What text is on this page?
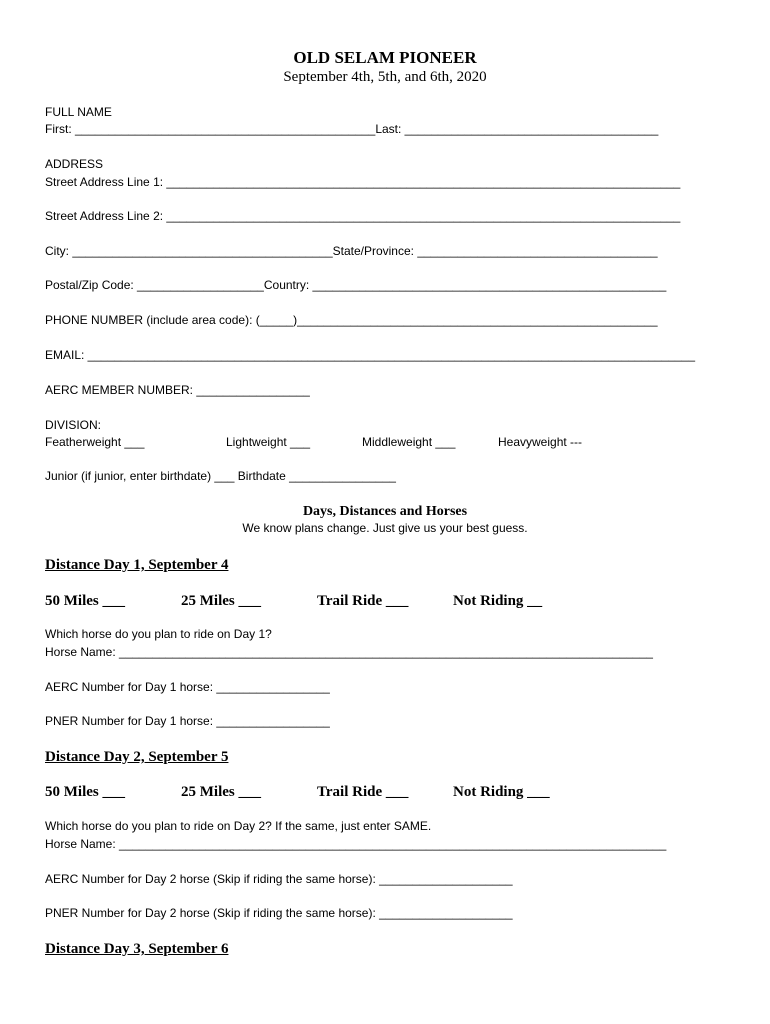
OLD SELAM PIONEER
September 4th, 5th, and 6th, 2020
FULL NAME
First: _____________________________________________Last: ______________________________________
ADDRESS
Street Address Line 1: _____________________________________________________________________________
Street Address Line 2: _____________________________________________________________________________
City: _______________________________________State/Province: ____________________________________
Postal/Zip Code: ___________________Country: _____________________________________________________
PHONE NUMBER (include area code): (_____)______________________________________________________
EMAIL: ___________________________________________________________________________________________
AERC MEMBER NUMBER: _________________
DIVISION:
Featherweight ___	Lightweight ___	Middleweight ___	Heavyweight ---
Junior (if junior, enter birthdate) ___ Birthdate ________________
Days, Distances and Horses
We know plans change. Just give us your best guess.
Distance Day 1, September 4
50 Miles ___	25 Miles ___	Trail Ride ___	Not Riding __
Which horse do you plan to ride on Day 1?
Horse Name: ________________________________________________________________________________
AERC Number for Day 1 horse: _________________
PNER Number for Day 1 horse: _________________
Distance Day 2, September 5
50 Miles ___	25 Miles ___	Trail Ride ___	Not Riding ___
Which horse do you plan to ride on Day 2? If the same, just enter SAME.
Horse Name: __________________________________________________________________________________
AERC Number for Day 2 horse (Skip if riding the same horse): ____________________
PNER Number for Day 2 horse (Skip if riding the same horse): ____________________
Distance Day 3, September 6
